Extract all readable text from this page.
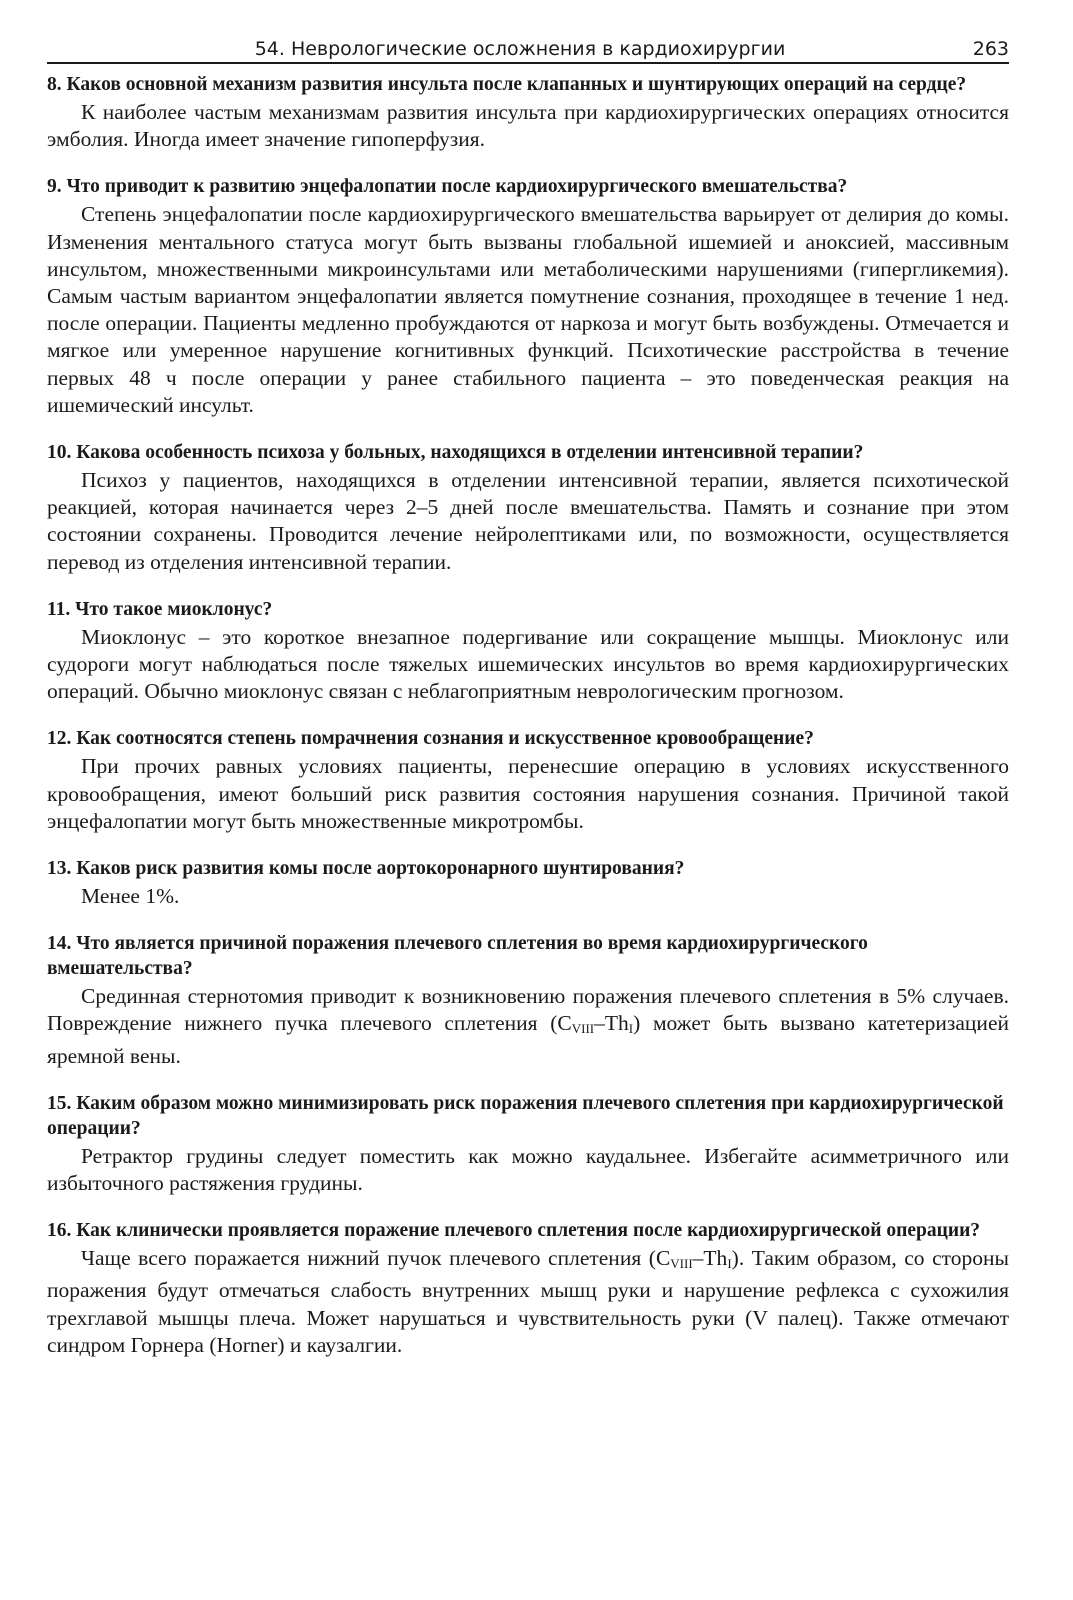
54. Неврологические осложнения в кардиохирургии	263

8. Каков основной механизм развития инсульта после клапанных и шунтирующих операций на сердце?

К наиболее частым механизмам развития инсульта при кардиохирургических операциях относится эмболия. Иногда имеет значение гипоперфузия.

9. Что приводит к развитию энцефалопатии после кардиохирургического вмешательства?

Степень энцефалопатии после кардиохирургического вмешательства варьирует от делирия до комы. Изменения ментального статуса могут быть вызваны глобальной ишемией и аноксией, массивным инсультом, множественными микроинсультами или метаболическими нарушениями (гипергликемия). Самым частым вариантом энцефалопатии является помутнение сознания, проходящее в течение 1 нед. после операции. Пациенты медленно пробуждаются от наркоза и могут быть возбуждены. Отмечается и мягкое или умеренное нарушение когнитивных функций. Психотические расстройства в течение первых 48 ч после операции у ранее стабильного пациента – это поведенческая реакция на ишемический инсульт.

10. Какова особенность психоза у больных, находящихся в отделении интенсивной терапии?

Психоз у пациентов, находящихся в отделении интенсивной терапии, является психотической реакцией, которая начинается через 2–5 дней после вмешательства. Память и сознание при этом состоянии сохранены. Проводится лечение нейролептиками или, по возможности, осуществляется перевод из отделения интенсивной терапии.

11. Что такое миоклонус?

Миоклонус – это короткое внезапное подергивание или сокращение мышцы. Миоклонус или судороги могут наблюдаться после тяжелых ишемических инсультов во время кардиохирургических операций. Обычно миоклонус связан с неблагоприятным неврологическим прогнозом.

12. Как соотносятся степень помрачнения сознания и искусственное кровообращение?

При прочих равных условиях пациенты, перенесшие операцию в условиях искусственного кровообращения, имеют больший риск развития состояния нарушения сознания. Причиной такой энцефалопатии могут быть множественные микротромбы.

13. Каков риск развития комы после аортокоронарного шунтирования?

Менее 1%.

14. Что является причиной поражения плечевого сплетения во время кардиохирургического вмешательства?

Срединная стернотомия приводит к возникновению поражения плечевого сплетения в 5% случаев. Повреждение нижнего пучка плечевого сплетения $(C_{VIII}-Th_I)$ может быть вызвано катетеризацией яремной вены.

15. Каким образом можно минимизировать риск поражения плечевого сплетения при кардиохирургической операции?

Ретрактор грудины следует поместить как можно каудальнее. Избегайте асимметричного или избыточного растяжения грудины.

16. Как клинически проявляется поражение плечевого сплетения после кардиохирургической операции?

Чаще всего поражается нижний пучок плечевого сплетения $(C_{VIII}-Th_I)$. Таким образом, со стороны поражения будут отмечаться слабость внутренних мышц руки и нарушение рефлекса с сухожилия трехглавой мышцы плеча. Может нарушаться и чувствительность руки (V палец). Также отмечают синдром Горнера (Horner) и каузалгии.
